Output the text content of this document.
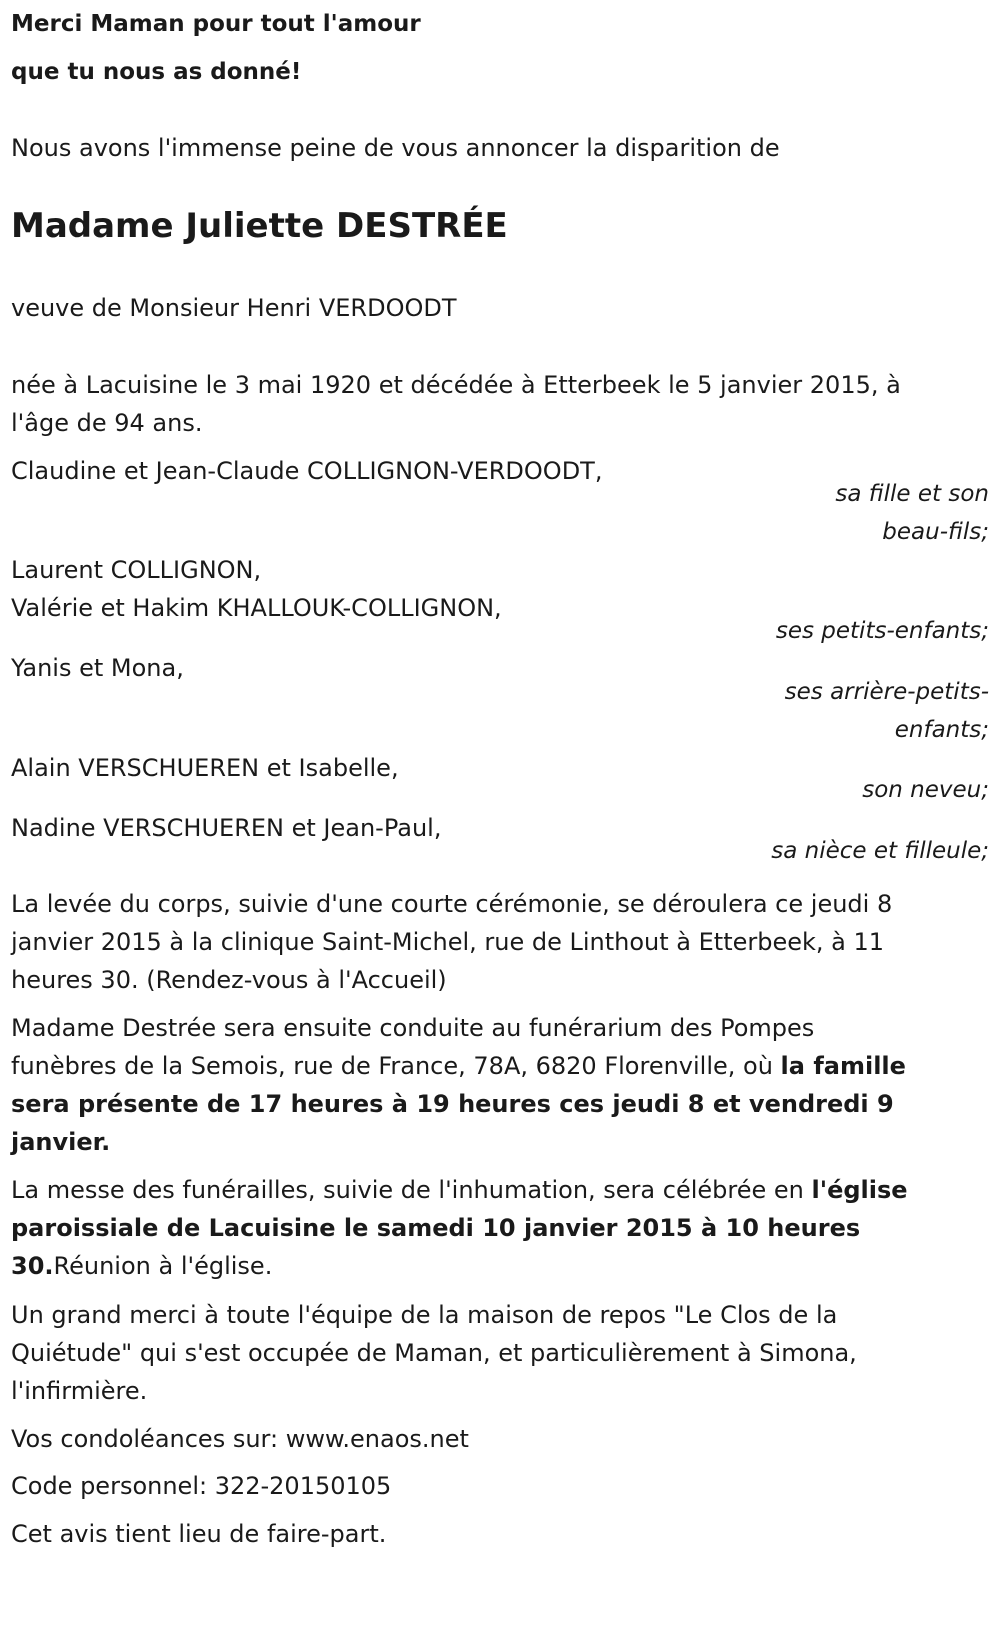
Merci Maman pour tout l'amour
que tu nous as donné!
Nous avons l'immense peine de vous annoncer la disparition de
Madame Juliette DESTRÉE
veuve de Monsieur Henri VERDOODT
née à Lacuisine le 3 mai 1920 et décédée à Etterbeek le 5 janvier 2015, à
l'âge de 94 ans.
Claudine et Jean-Claude COLLIGNON-VERDOODT,
sa fille et son
beau-fils;
Laurent COLLIGNON,
Valérie et Hakim KHALLOUK-COLLIGNON,
ses petits-enfants;
Yanis et Mona,
ses arrière-petits-
enfants;
Alain VERSCHUEREN et Isabelle,
son neveu;
Nadine VERSCHUEREN et Jean-Paul,
sa nièce et filleule;
La levée du corps, suivie d'une courte cérémonie, se déroulera ce jeudi 8
janvier 2015 à la clinique Saint-Michel, rue de Linthout à Etterbeek, à 11
heures 30. (Rendez-vous à l'Accueil)
Madame Destrée sera ensuite conduite au funérarium des Pompes
funèbres de la Semois, rue de France, 78A, 6820 Florenville, où la famille
sera présente de 17 heures à 19 heures ces jeudi 8 et vendredi 9
janvier.
La messe des funérailles, suivie de l'inhumation, sera célébrée en l'église
paroissiale de Lacuisine le samedi 10 janvier 2015 à 10 heures
30.Réunion à l'église.
Un grand merci à toute l'équipe de la maison de repos "Le Clos de la
Quiétude" qui s'est occupée de Maman, et particulièrement à Simona,
l'infirmière.
Vos condoléances sur: www.enaos.net
Code personnel: 322-20150105
Cet avis tient lieu de faire-part.
